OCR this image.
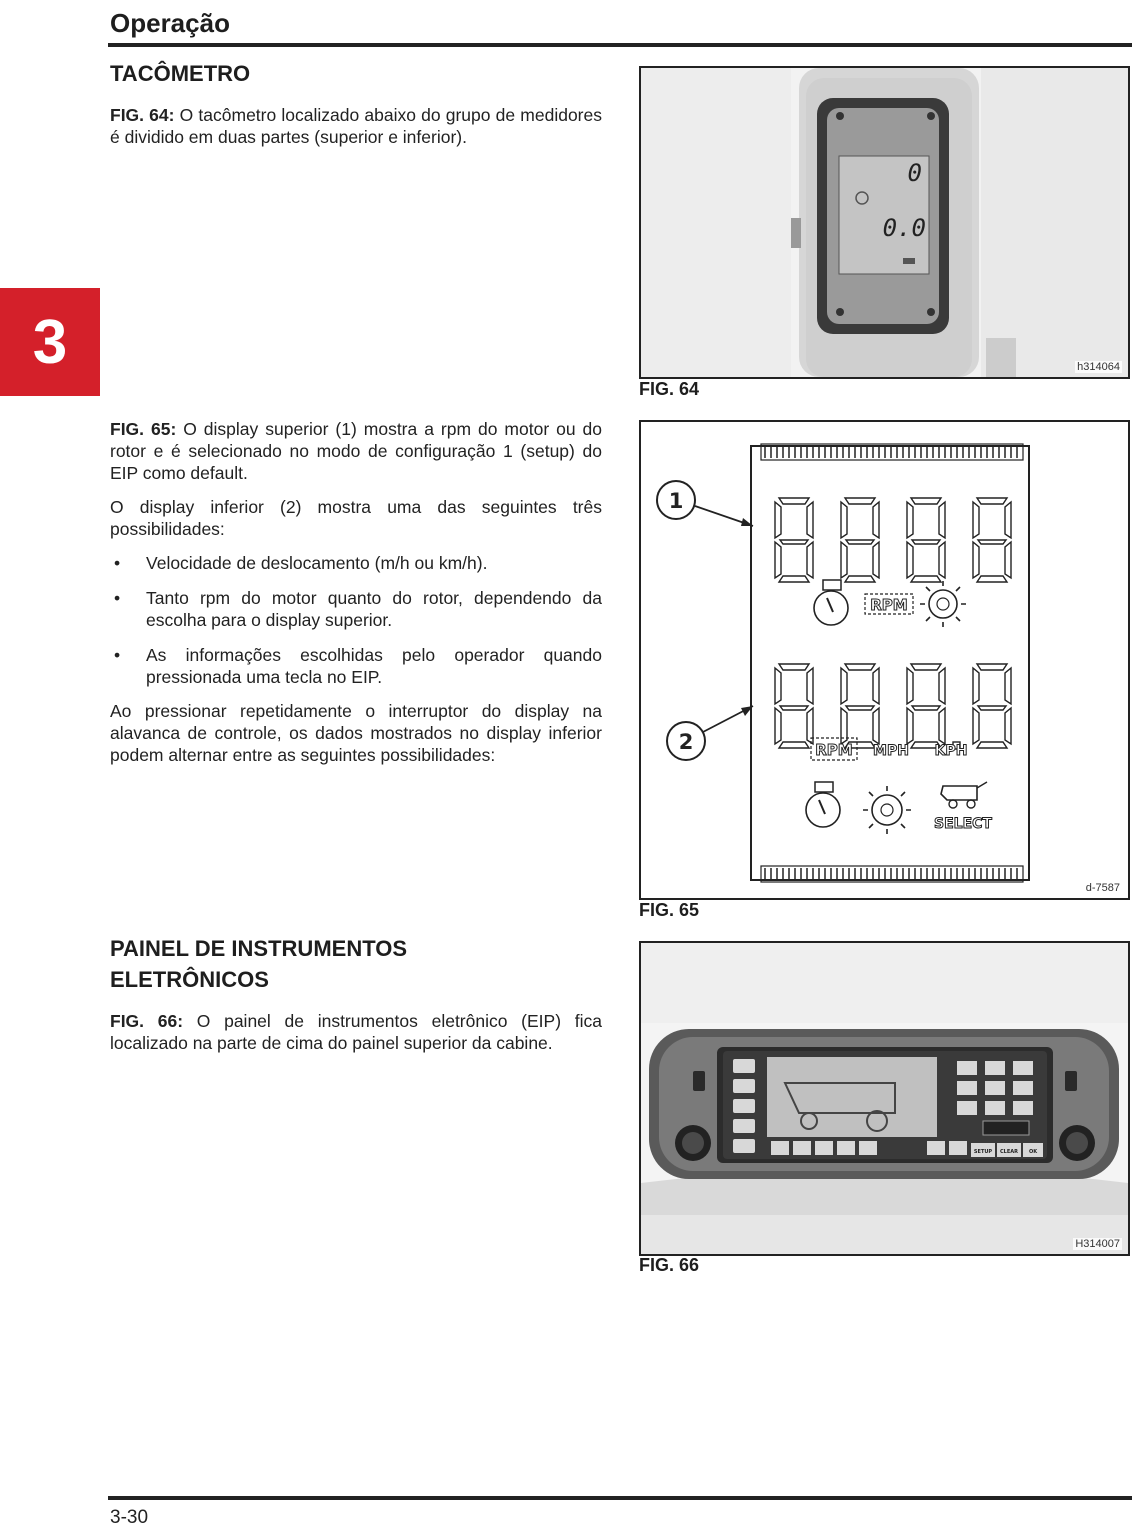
Operação
3
TACÔMETRO
FIG. 64: O tacômetro localizado abaixo do grupo de medidores é dividido em duas partes (superior e inferior).
0
0.0
h314064
FIG. 64
FIG. 65: O display superior (1) mostra a rpm do motor ou do rotor e é selecionado no modo de configuração 1 (setup) do EIP como default.
O display inferior (2) mostra uma das seguintes três possibilidades:
• Velocidade de deslocamento (m/h ou km/h).
• Tanto rpm do motor quanto do rotor, dependendo da escolha para o display superior.
• As informações escolhidas pelo operador quando pressionada uma tecla no EIP.
Ao pressionar repetidamente o interruptor do display na alavanca de controle, os dados mostrados no display inferior podem alternar entre as seguintes possibilidades:
RPM
RPM MPH KPH
SELECT
1
2
d-7587
FIG. 65
PAINEL DE INSTRUMENTOS
ELETRÔNICOS
FIG. 66: O painel de instrumentos eletrônico (EIP) fica localizado na parte de cima do painel superior da cabine.
SETUP CLEAR OK
H314007
FIG. 66
3-30
